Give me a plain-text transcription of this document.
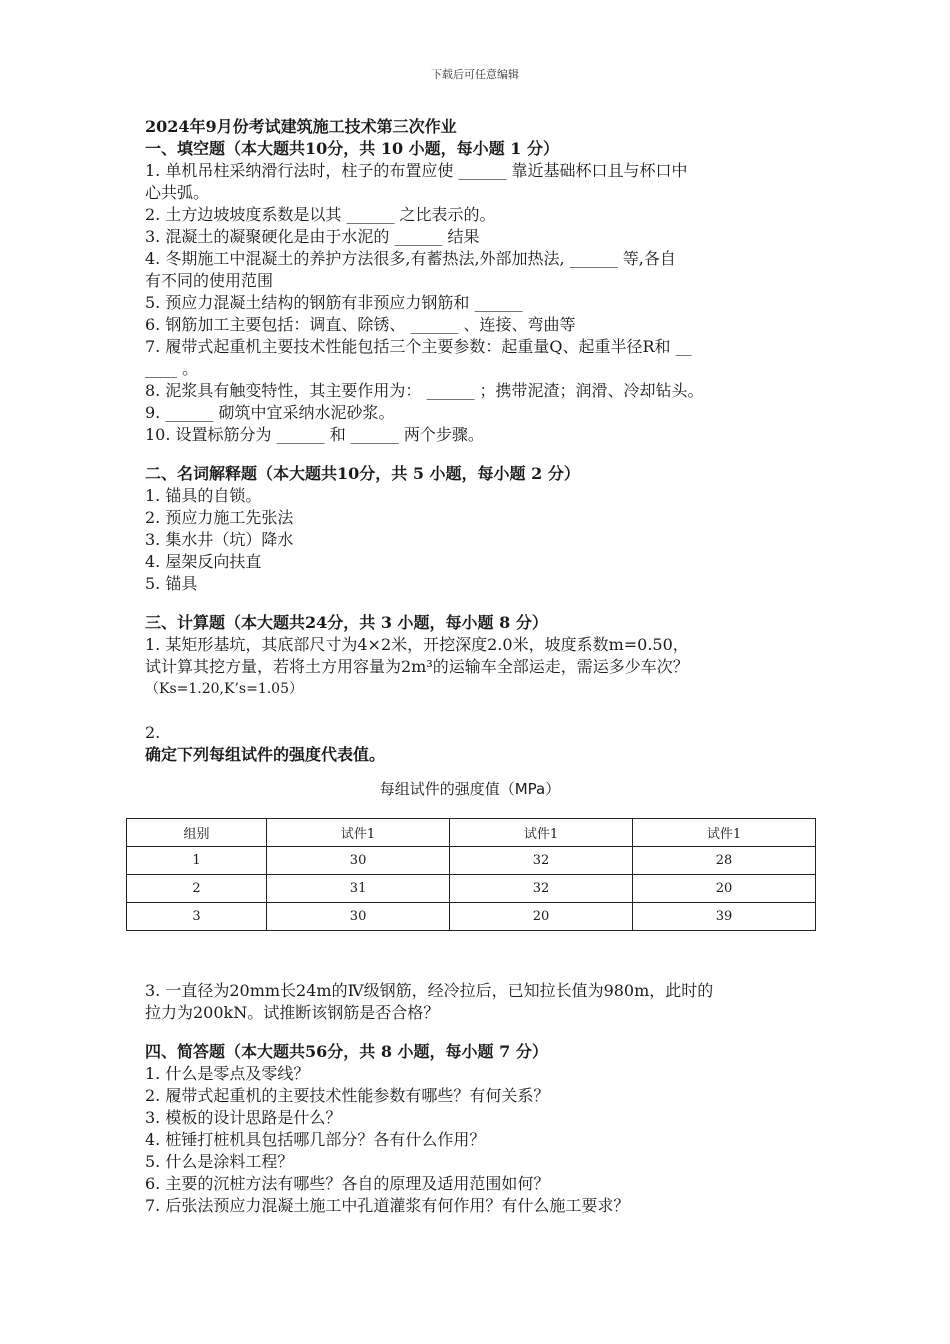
下载后可任意编辑
2024年9月份考试建筑施工技术第三次作业
一、填空题（本大题共10分，共 10 小题，每小题 1 分）
1. 单机吊柱采纳滑行法时，柱子的布置应使 ______ 靠近基础杯口且与杯口中
心共弧。
2. 土方边坡坡度系数是以其 ______ 之比表示的。
3. 混凝土的凝聚硬化是由于水泥的 ______ 结果
4. 冬期施工中混凝土的养护方法很多,有蓄热法,外部加热法, ______ 等,各自
有不同的使用范围
5. 预应力混凝土结构的钢筋有非预应力钢筋和 ______
6. 钢筋加工主要包括：调直、除锈、 ______ 、连接、弯曲等
7. 履带式起重机主要技术性能包括三个主要参数：起重量Q、起重半径R和 __
____ 。
8. 泥浆具有触变特性，其主要作用为： ______ ；携带泥渣；润滑、冷却钻头。
9. ______ 砌筑中宜采纳水泥砂浆。
10. 设置标筋分为 ______ 和 ______ 两个步骤。
二、名词解释题（本大题共10分，共 5 小题，每小题 2 分）
1. 锚具的自锁。
2. 预应力施工先张法
3. 集水井（坑）降水
4. 屋架反向扶直
5. 锚具
三、计算题（本大题共24分，共 3 小题，每小题 8 分）
1. 某矩形基坑，其底部尺寸为4×2米，开挖深度2.0米，坡度系数m=0.50，
试计算其挖方量，若将土方用容量为2m³的运输车全部运走，需运多少车次？
（Ks=1.20,K’s=1.05）
2.
确定下列每组试件的强度代表值。
每组试件的强度值（MPa）
组别	试件1	试件1	试件1
1	30	32	28
2	31	32	20
3	30	20	39
3. 一直径为20mm长24m的Ⅳ级钢筋，经冷拉后，已知拉长值为980m，此时的
拉力为200kN。试推断该钢筋是否合格？
四、简答题（本大题共56分，共 8 小题，每小题 7 分）
1. 什么是零点及零线？
2. 履带式起重机的主要技术性能参数有哪些？有何关系？
3. 模板的设计思路是什么？
4. 桩锤打桩机具包括哪几部分？各有什么作用？
5. 什么是涂料工程？
6. 主要的沉桩方法有哪些？各自的原理及适用范围如何？
7. 后张法预应力混凝土施工中孔道灌浆有何作用？有什么施工要求？
